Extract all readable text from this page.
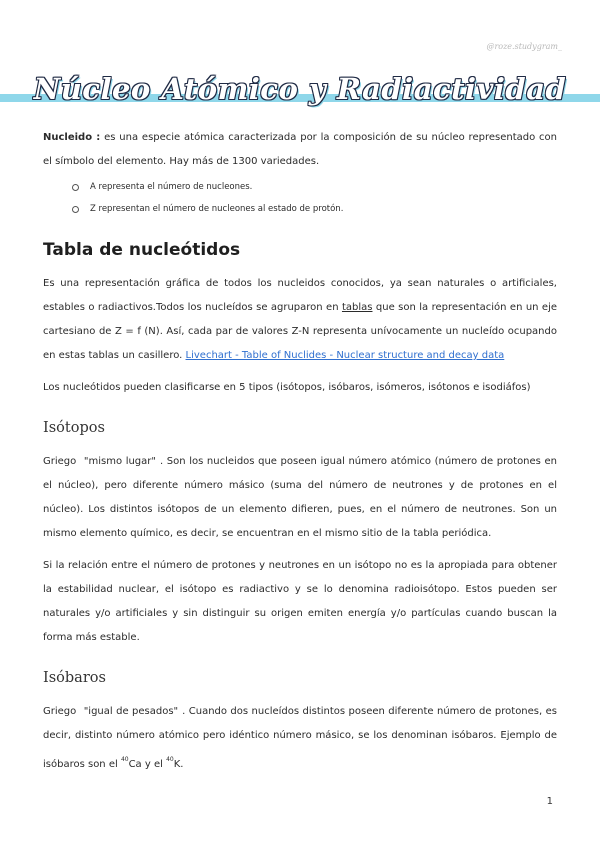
@roze.studygram_
Núcleo Atómico y Radiactividad

Nucleido : es una especie atómica caracterizada por la composición de su núcleo representado con el símbolo del elemento. Hay más de 1300 variedades.

A representa el número de nucleones.
Z representan el número de nucleones al estado de protón.
Tabla de nucleótidos

Es una representación gráfica de todos los nucleidos conocidos, ya sean naturales o artificiales, estables o radiactivos.Todos los nucleídos se agruparon en tablas que son la representación en un eje cartesiano de Z = f (N). Así, cada par de valores Z-N representa unívocamente un nucleído ocupando en estas tablas un casillero. Livechart - Table of Nuclides - Nuclear structure and decay data

Los nucleótidos pueden clasificarse en 5 tipos (isótopos, isóbaros, isómeros, isótonos e isodiáfos)

Isótopos

Griego "mismo lugar" . Son los nucleidos que poseen igual número atómico (número de protones en el núcleo), pero diferente número másico (suma del número de neutrones y de protones en el núcleo). Los distintos isótopos de un elemento difieren, pues, en el número de neutrones. Son un mismo elemento químico, es decir, se encuentran en el mismo sitio de la tabla periódica.

Si la relación entre el número de protones y neutrones en un isótopo no es la apropiada para obtener la estabilidad nuclear, el isótopo es radiactivo y se lo denomina radioisótopo. Estos pueden ser naturales y/o artificiales y sin distinguir su origen emiten energía y/o partículas cuando buscan la forma más estable.

Isóbaros

Griego "igual de pesados" . Cuando dos nucleídos distintos poseen diferente número de protones, es decir, distinto número atómico pero idéntico número másico, se los denominan isóbaros. Ejemplo de isóbaros son el $^{40}$Ca y el $^{40}$K.

1
